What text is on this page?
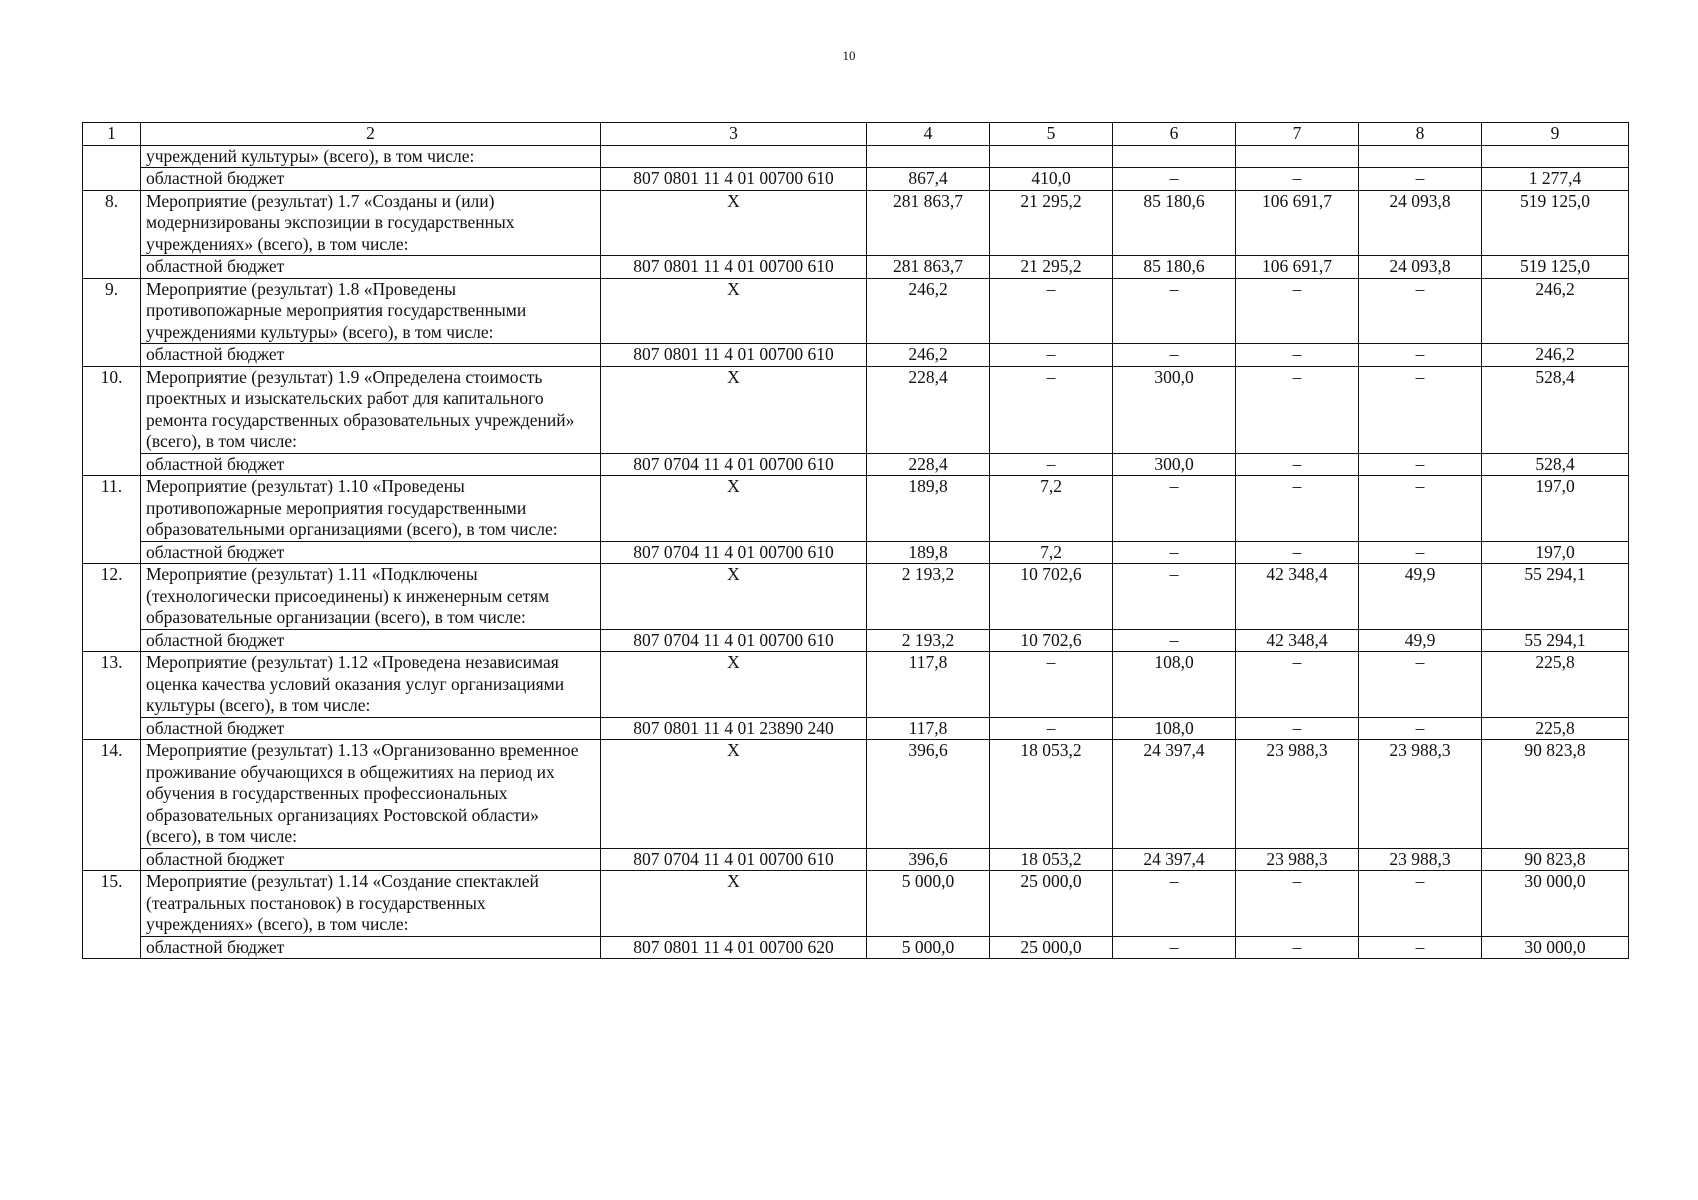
10
1	2	3	4	5	6	7	8	9
	учреждений культуры» (всего), в том числе:							
	областной бюджет	807 0801 11 4 01 00700 610	867,4	410,0	–	–	–	1 277,4
8.	Мероприятие (результат) 1.7 «Созданы и (или) модернизированы экспозиции в государственных учреждениях» (всего), в том числе:	X	281 863,7	21 295,2	85 180,6	106 691,7	24 093,8	519 125,0
	областной бюджет	807 0801 11 4 01 00700 610	281 863,7	21 295,2	85 180,6	106 691,7	24 093,8	519 125,0
9.	Мероприятие (результат) 1.8 «Проведены противопожарные мероприятия государственными учреждениями культуры» (всего), в том числе:	X	246,2	–	–	–	–	246,2
	областной бюджет	807 0801 11 4 01 00700 610	246,2	–	–	–	–	246,2
10.	Мероприятие (результат) 1.9 «Определена стоимость проектных и изыскательских работ для капитального ремонта государственных образовательных учреждений» (всего), в том числе:	X	228,4	–	300,0	–	–	528,4
	областной бюджет	807 0704 11 4 01 00700 610	228,4	–	300,0	–	–	528,4
11.	Мероприятие (результат) 1.10 «Проведены противопожарные мероприятия государственными образовательными организациями (всего), в том числе:	X	189,8	7,2	–	–	–	197,0
	областной бюджет	807 0704 11 4 01 00700 610	189,8	7,2	–	–	–	197,0
12.	Мероприятие (результат) 1.11 «Подключены (технологически присоединены) к инженерным сетям образовательные организации (всего), в том числе:	X	2 193,2	10 702,6	–	42 348,4	49,9	55 294,1
	областной бюджет	807 0704 11 4 01 00700 610	2 193,2	10 702,6	–	42 348,4	49,9	55 294,1
13.	Мероприятие (результат) 1.12 «Проведена независимая оценка качества условий оказания услуг организациями культуры (всего), в том числе:	X	117,8	–	108,0	–	–	225,8
	областной бюджет	807 0801 11 4 01 23890 240	117,8	–	108,0	–	–	225,8
14.	Мероприятие (результат) 1.13 «Организованно временное проживание обучающихся в общежитиях на период их обучения в государственных профессиональных образовательных организациях Ростовской области» (всего), в том числе:	X	396,6	18 053,2	24 397,4	23 988,3	23 988,3	90 823,8
	областной бюджет	807 0704 11 4 01 00700 610	396,6	18 053,2	24 397,4	23 988,3	23 988,3	90 823,8
15.	Мероприятие (результат) 1.14 «Создание спектаклей (театральных постановок) в государственных учреждениях» (всего), в том числе:	X	5 000,0	25 000,0	–	–	–	30 000,0
	областной бюджет	807 0801 11 4 01 00700 620	5 000,0	25 000,0	–	–	–	30 000,0
